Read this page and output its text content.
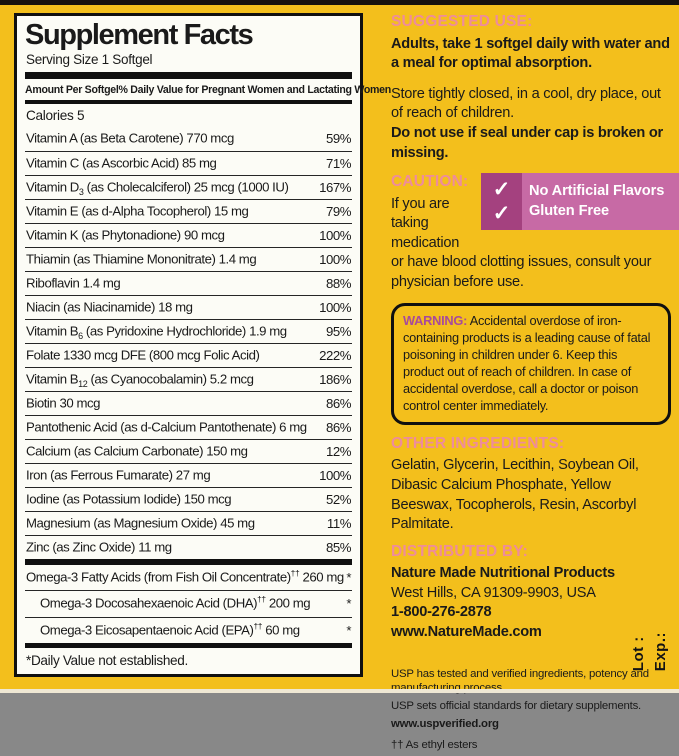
Supplement Facts
Serving Size 1 Softgel
Amount Per Softgel % Daily Value for Pregnant Women and Lactating Women
Calories 5
Vitamin A (as Beta Carotene) 770 mcg	59%
Vitamin C (as Ascorbic Acid) 85 mg	71%
Vitamin $D_3$ (as Cholecalciferol) 25 mcg (1000 IU) 167%
Vitamin E (as d-Alpha Tocopherol) 15 mg	79%
Vitamin K (as Phytonadione) 90 mcg	100%
Thiamin (as Thiamine Mononitrate) 1.4 mg	100%
Riboflavin 1.4 mg	88%
Niacin (as Niacinamide) 18 mg	100%
Vitamin $B_6$ (as Pyridoxine Hydrochloride) 1.9 mg	95%
Folate 1330 mcg DFE (800 mcg Folic Acid)	222%
Vitamin $B_{12}$ (as Cyanocobalamin) 5.2 mcg	186%
Biotin 30 mcg	86%
Pantothenic Acid (as d-Calcium Pantothenate) 6 mg 86%
Calcium (as Calcium Carbonate) 150 mg	12%
Iron (as Ferrous Fumarate) 27 mg	100%
Iodine (as Potassium Iodide) 150 mcg	52%
Magnesium (as Magnesium Oxide) 45 mg	11%
Zinc (as Zinc Oxide) 11 mg	85%
Omega-3 Fatty Acids (from Fish Oil Concentrate)†† 260 mg *
Omega-3 Docosahexaenoic Acid (DHA)†† 200 mg	*
Omega-3 Eicosapentaenoic Acid (EPA)†† 60 mg	*
*Daily Value not established.

SUGGESTED USE:

Adults, take 1 softgel daily with water and a meal for optimal absorption.

Store tightly closed, in a cool, dry place, out of reach of children.

Do not use if seal under cap is broken or missing.

✓
✓
No Artificial Flavors
Gluten Free

CAUTION:

If you are taking medication or have blood clotting issues, consult your physician before use.

WARNING: Accidental overdose of iron-containing products is a leading cause of fatal poisoning in children under 6. Keep this product out of reach of children. In case of accidental overdose, call a doctor or poison control center immediately.

OTHER INGREDIENTS:

Gelatin, Glycerin, Lecithin, Soybean Oil, Dibasic Calcium Phosphate, Yellow Beeswax, Tocopherols, Resin, Ascorbyl Palmitate.

DISTRIBUTED BY:

Nature Made Nutritional Products

West Hills, CA 91309-9903, USA

1-800-276-2878

www.NatureMade.com

USP has tested and verified ingredients, potency and

USP sets official standards for dietary supplements.

www.uspverified.org

†† As ethyl esters

Lot : Exp.:
